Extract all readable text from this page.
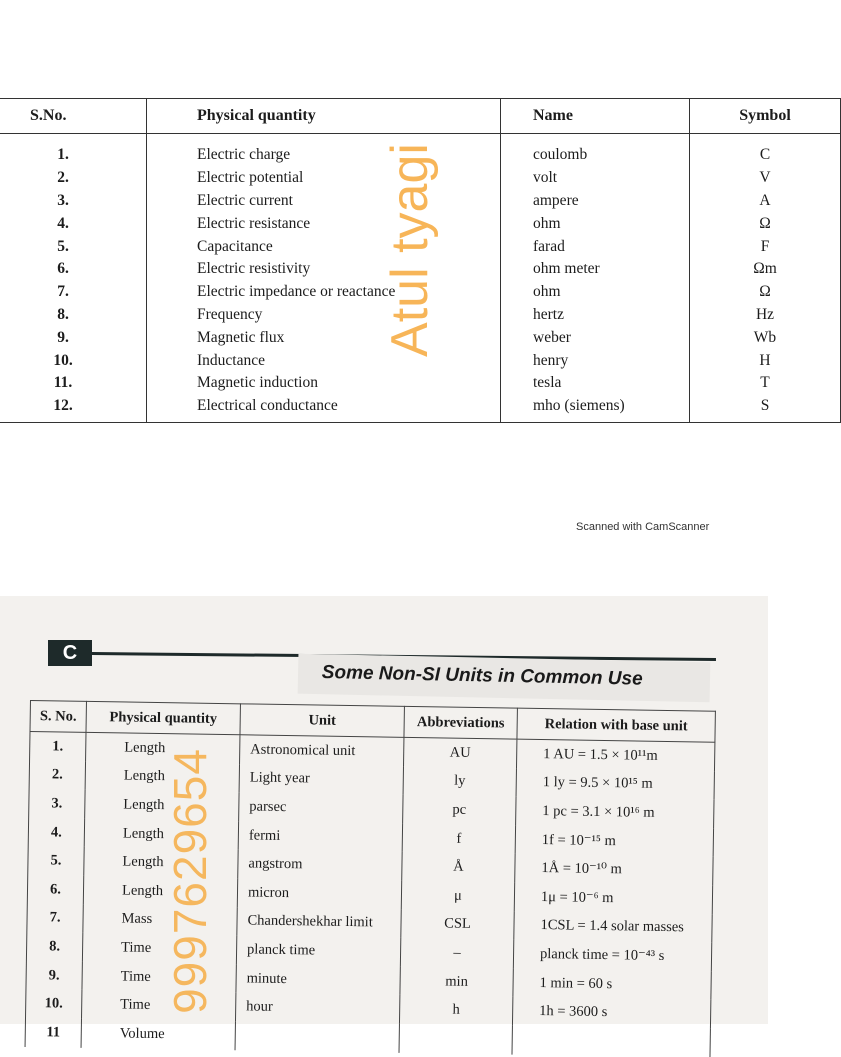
S.No.	Physical quantity	Name	Symbol
1.	Electric charge	coulomb	C
2.	Electric potential	volt	V
3.	Electric current	ampere	A
4.	Electric resistance	ohm	Ω
5.	Capacitance	farad	F
6.	Electric resistivity	ohm meter	Ωm
7.	Electric impedance or reactance	ohm	Ω
8.	Frequency	hertz	Hz
9.	Magnetic flux	weber	Wb
10.	Inductance	henry	H
11.	Magnetic induction	tesla	T
12.	Electrical conductance	mho (siemens)	S
Atul tyagi
Scanned with CamScanner
C
Some Non-SI Units in Common Use
S. No.	Physical quantity	Unit	Abbreviations	Relation with base unit
1.	Length	Astronomical unit	AU	1 AU = 1.5 × 10¹¹m
2.	Length	Light year	ly	1 ly = 9.5 × 10¹⁵ m
3.	Length	parsec	pc	1 pc = 3.1 × 10¹⁶ m
4.	Length	fermi	f	1f = 10⁻¹⁵ m
5.	Length	angstrom	Å	1Å = 10⁻¹⁰ m
6.	Length	micron	μ	1μ = 10⁻⁶ m
7.	Mass	Chandershekhar limit	CSL	1CSL = 1.4 solar masses
8.	Time	planck time	–	planck time = 10⁻⁴³ s
9.	Time	minute	min	1 min = 60 s
10.	Time	hour	h	1h = 3600 s
11	Volume			
9997629654
